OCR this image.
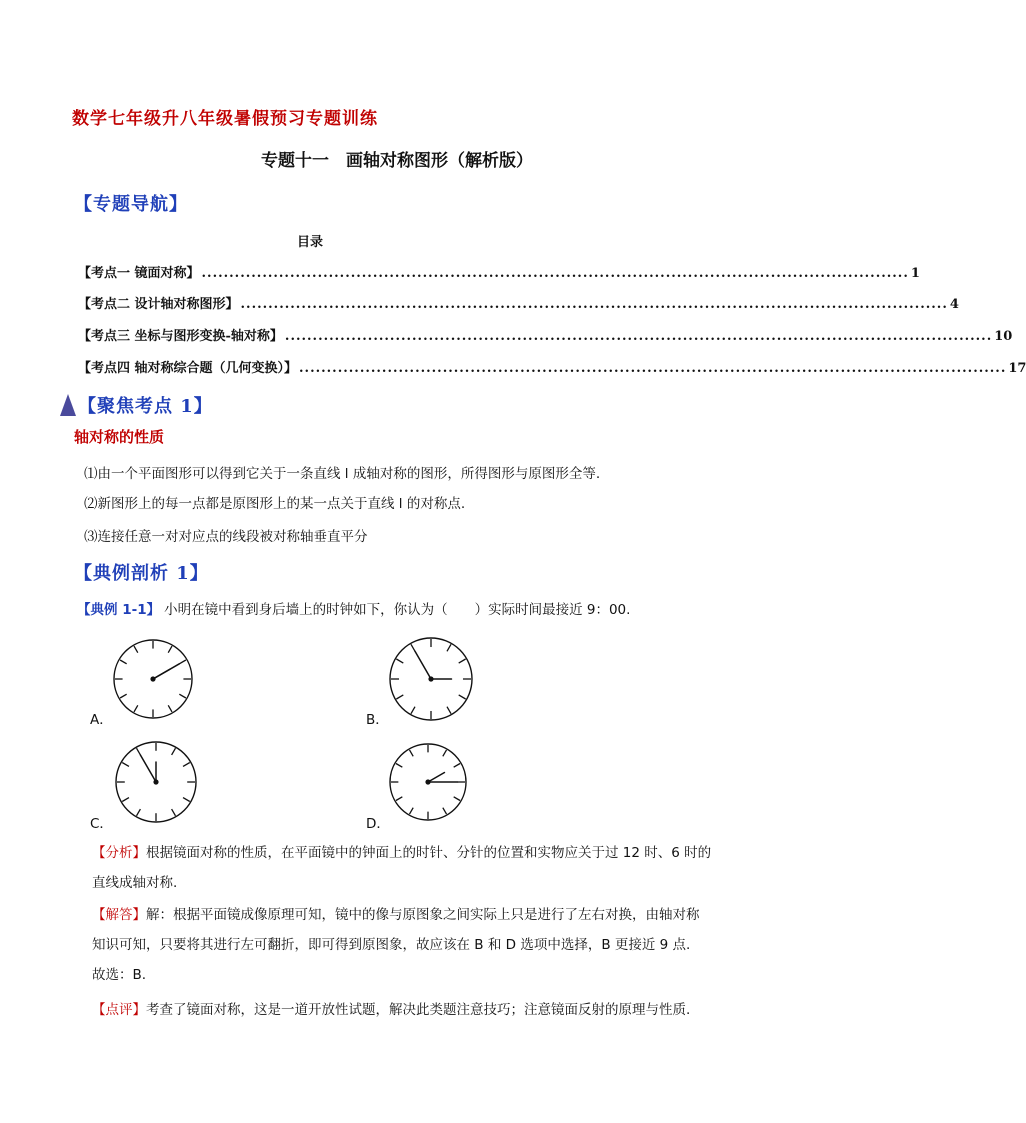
数学七年级升八年级暑假预习专题训练
专题十一　画轴对称图形（解析版）
【专题导航】
目录
【考点一 镜面对称】 ................................................................................................................................ 1
【考点二 设计轴对称图形】 ................................................................................................................................ 4
【考点三 坐标与图形变换-轴对称】 ................................................................................................................................ 10
【考点四 轴对称综合题（几何变换）】 ................................................................................................................................ 17
【聚焦考点 1】
轴对称的性质
⑴由一个平面图形可以得到它关于一条直线 l 成轴对称的图形，所得图形与原图形全等.
⑵新图形上的每一点都是原图形上的某一点关于直线 l 的对称点.
⑶连接任意一对对应点的线段被对称轴垂直平分
【典例剖析 1】
【典例 1-1】 小明在镜中看到身后墙上的时钟如下，你认为（　　）实际时间最接近 9：00.
A．	B．
C．	D．
【分析】根据镜面对称的性质，在平面镜中的钟面上的时针、分针的位置和实物应关于过 12 时、6 时的
直线成轴对称.
【解答】解：根据平面镜成像原理可知，镜中的像与原图象之间实际上只是进行了左右对换，由轴对称
知识可知，只要将其进行左可翻折，即可得到原图象，故应该在 B 和 D 选项中选择，B 更接近 9 点.
故选：B.
【点评】考查了镜面对称，这是一道开放性试题，解决此类题注意技巧；注意镜面反射的原理与性质.
